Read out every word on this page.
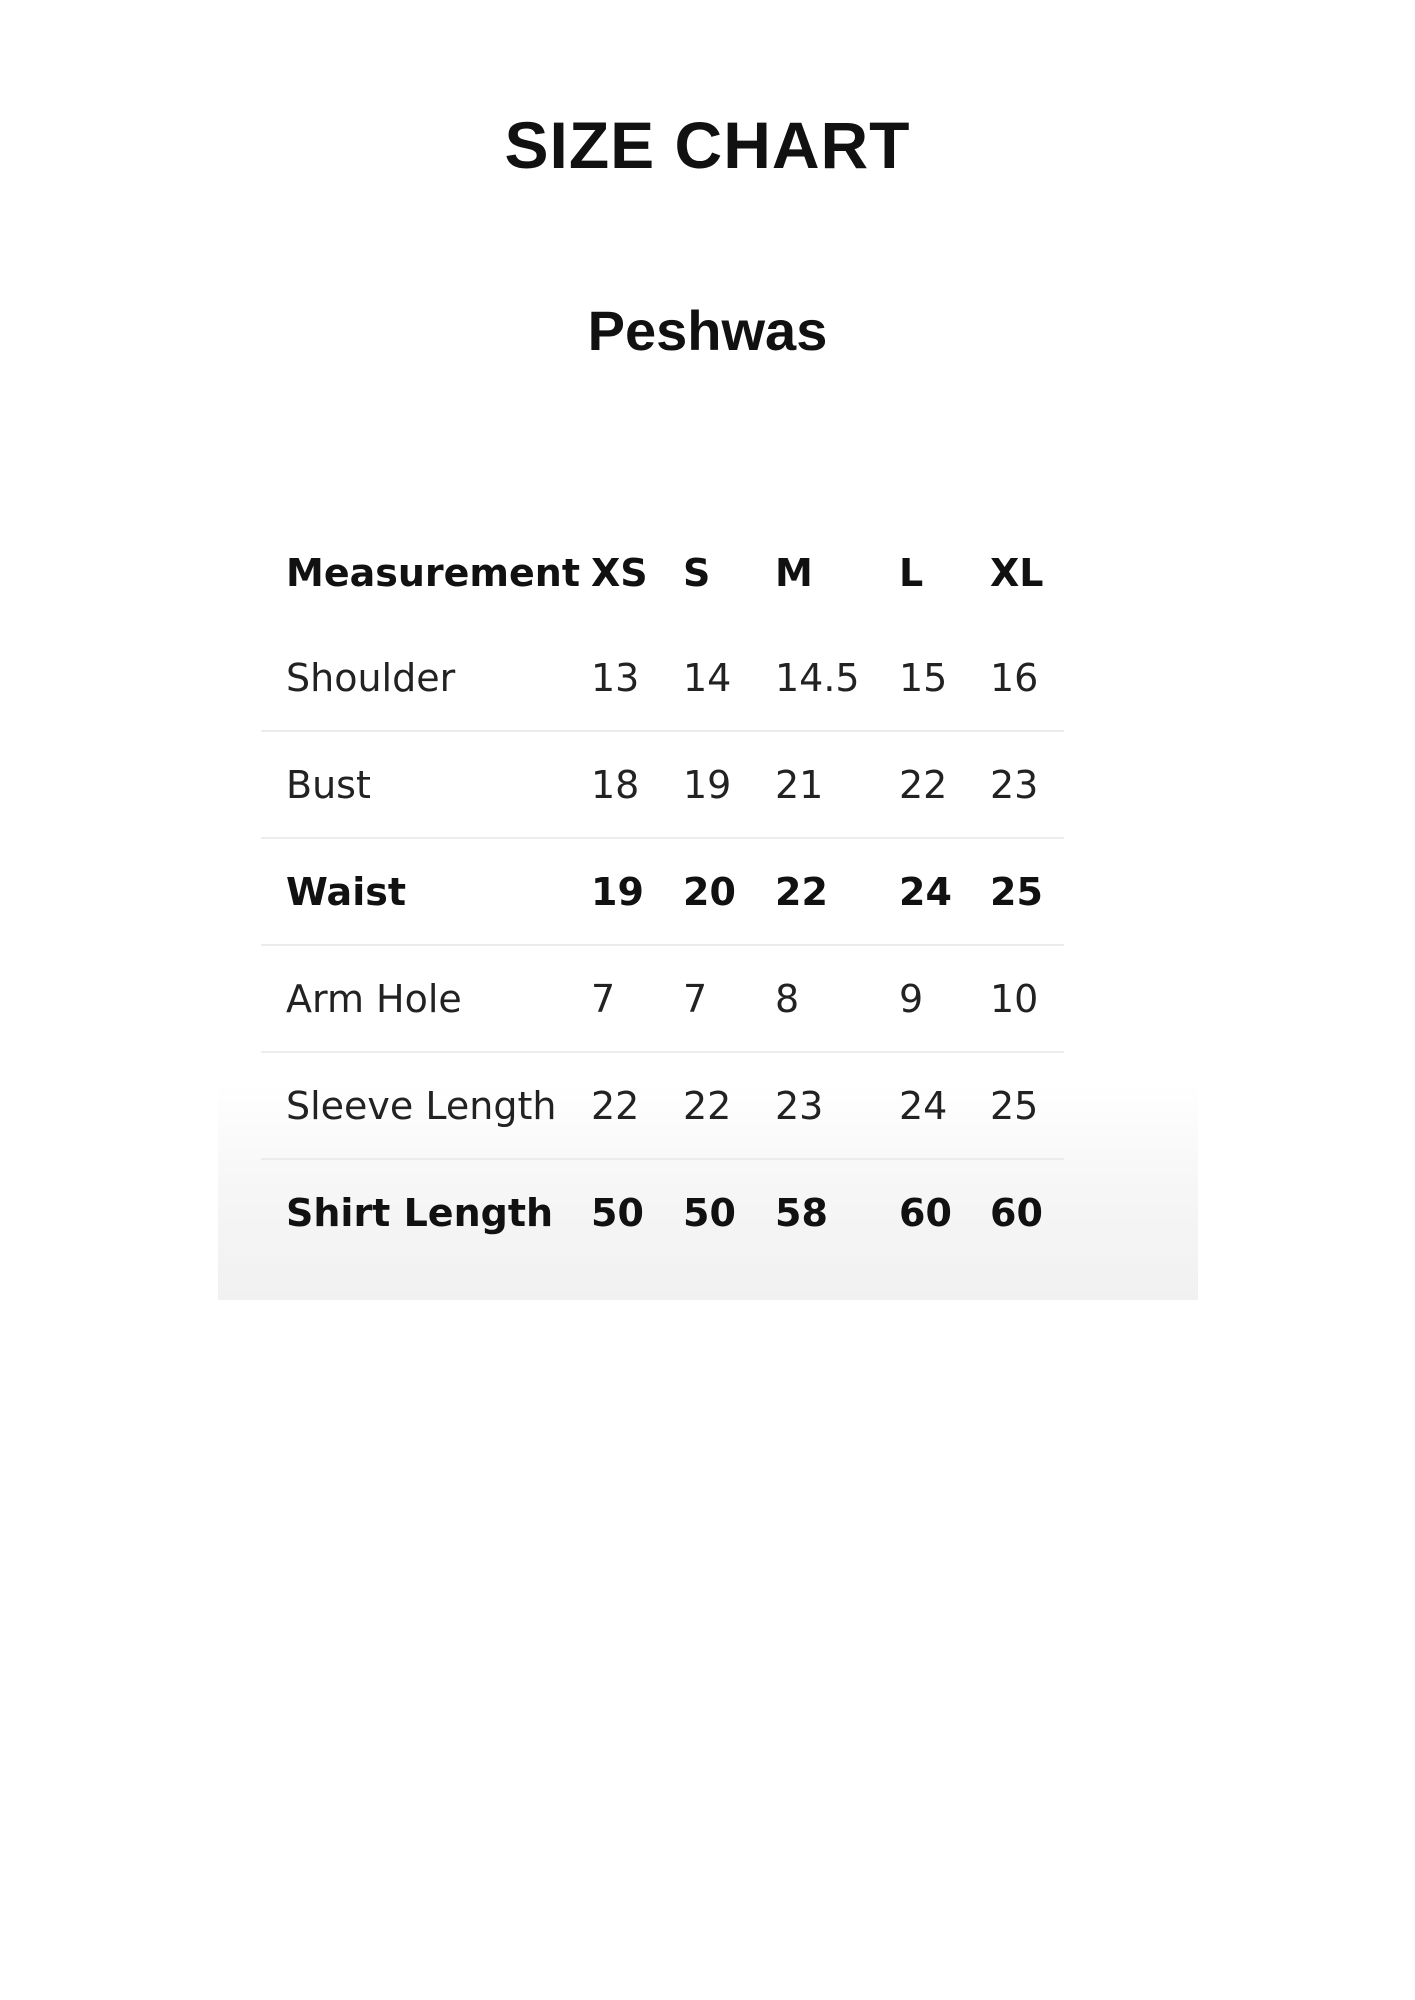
SIZE CHART
Peshwas
Measurement	XS	S	M	L	XL
Shoulder	13	14	14.5	15	16
Bust	18	19	21	22	23
Waist	19	20	22	24	25
Arm Hole	7	7	8	9	10
Sleeve Length	22	22	23	24	25
Shirt Length	50	50	58	60	60
